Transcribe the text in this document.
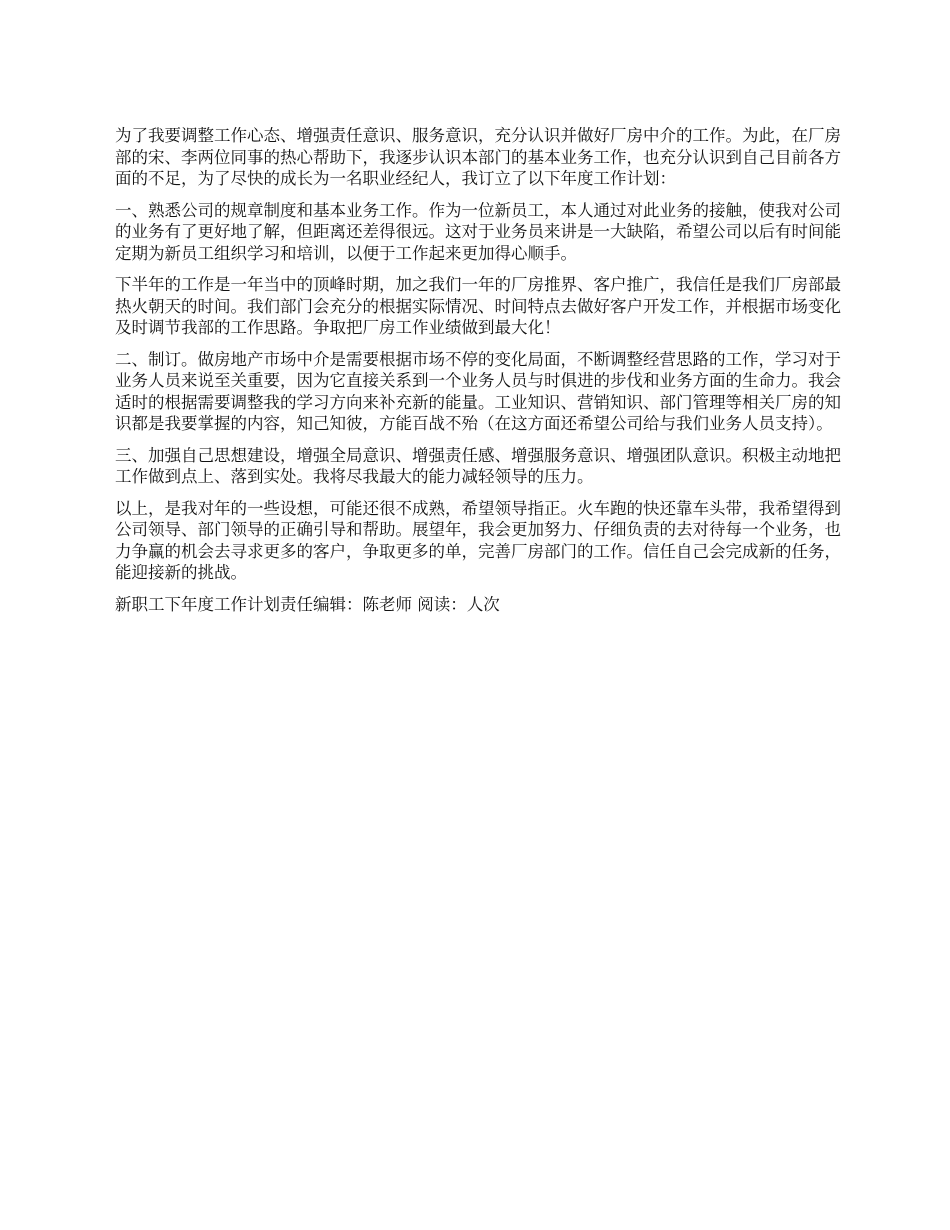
为了我要调整工作心态、增强责任意识、服务意识，充分认识并做好厂房中介的工作。为此，在厂房部的宋、李两位同事的热心帮助下，我逐步认识本部门的基本业务工作，也充分认识到自己目前各方面的不足，为了尽快的成长为一名职业经纪人，我订立了以下年度工作计划：

一、熟悉公司的规章制度和基本业务工作。作为一位新员工，本人通过对此业务的接触，使我对公司的业务有了更好地了解，但距离还差得很远。这对于业务员来讲是一大缺陷，希望公司以后有时间能定期为新员工组织学习和培训，以便于工作起来更加得心顺手。

下半年的工作是一年当中的顶峰时期，加之我们一年的厂房推界、客户推广，我信任是我们厂房部最热火朝天的时间。我们部门会充分的根据实际情况、时间特点去做好客户开发工作，并根据市场变化及时调节我部的工作思路。争取把厂房工作业绩做到最大化！

二、制订。做房地产市场中介是需要根据市场不停的变化局面，不断调整经营思路的工作，学习对于业务人员来说至关重要，因为它直接关系到一个业务人员与时俱进的步伐和业务方面的生命力。我会适时的根据需要调整我的学习方向来补充新的能量。工业知识、营销知识、部门管理等相关厂房的知识都是我要掌握的内容，知己知彼，方能百战不殆（在这方面还希望公司给与我们业务人员支持）。

三、加强自己思想建设，增强全局意识、增强责任感、增强服务意识、增强团队意识。积极主动地把工作做到点上、落到实处。我将尽我最大的能力减轻领导的压力。

以上，是我对年的一些设想，可能还很不成熟，希望领导指正。火车跑的快还靠车头带，我希望得到公司领导、部门领导的正确引导和帮助。展望年，我会更加努力、仔细负责的去对待每一个业务，也力争赢的机会去寻求更多的客户，争取更多的单，完善厂房部门的工作。信任自己会完成新的任务，能迎接新的挑战。

新职工下年度工作计划责任编辑：陈老师 阅读：人次
